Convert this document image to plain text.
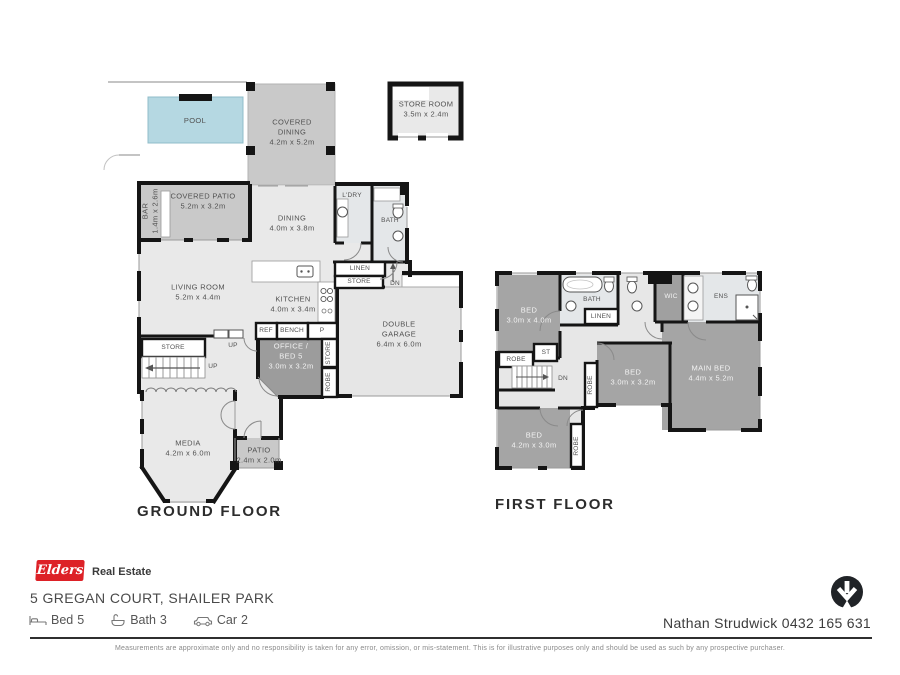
POOL	COVERED DINING
4.2m x 5.2m
STORE ROOM
3.5m x 2.4m
BAR 1.4m x 2.6m COVERED PATIO
5.2m x 3.2m
DINING
4.0m x 3.8m
L'DRY
BATH
LIVING ROOM
5.2m x 4.4m	KITCHEN
4.0m x 3.4m
LINEN
STORE	DN
DOUBLE GARAGE
6.4m x 6.0m
REF BENCH P
OFFICE / BED 5
3.0m x 3.2m
STORE
ROBE
STORE	UP
UP
MEDIA
4.2m x 6.0m	PATIO
2.4m x 2.0m
GROUND FLOOR
BED
3.0m x 4.0m
BATH
LINEN
WIC	ENS
MAIN BED
4.4m x 5.2m
BED
3.0m x 3.2m
ROBE
ROBE
ST
DN
BED
4.2m x 3.0m ROBE
FIRST FLOOR
Elders Real Estate
5 GREGAN COURT, SHAILER PARK
Bed 5	Bath 3	Car 2	Nathan Strudwick 0432 165 631
Measurements are approximate only and no responsibility is taken for any error, omission, or mis-statement. This is for illustrative purposes only and should be used as such by any prospective purchaser.
